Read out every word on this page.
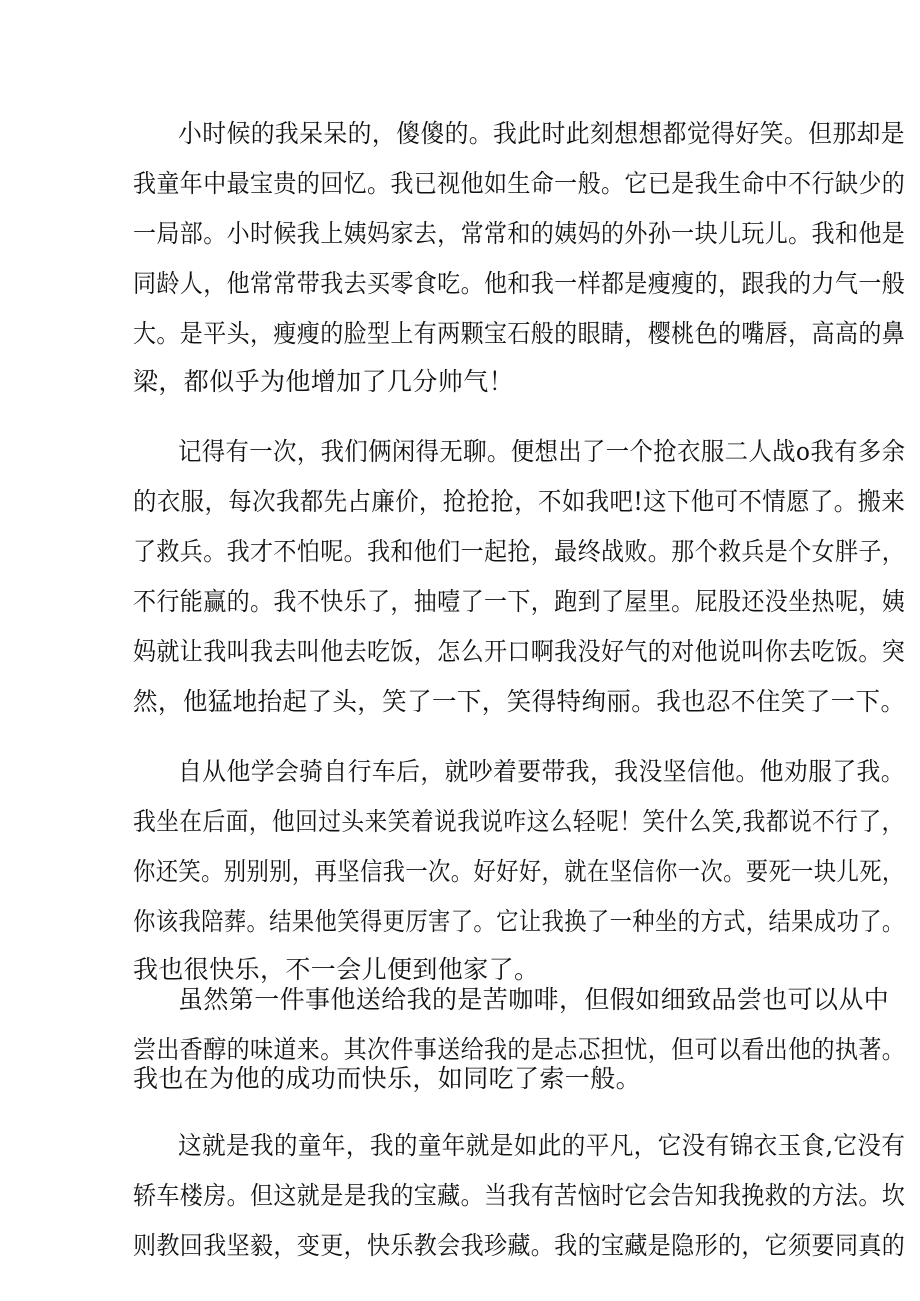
小时候的我呆呆的，傻傻的。我此时此刻想想都觉得好笑。但那却是
我童年中最宝贵的回忆。我已视他如生命一般。它已是我生命中不行缺少的
一局部。小时候我上姨妈家去，常常和的姨妈的外孙一块儿玩儿。我和他是
同龄人，他常常带我去买零食吃。他和我一样都是瘦瘦的，跟我的力气一般
大。是平头，瘦瘦的脸型上有两颗宝石般的眼睛，樱桃色的嘴唇，高高的鼻
梁，都似乎为他增加了几分帅气！
记得有一次，我们俩闲得无聊。便想出了一个抢衣服二人战o我有多余
的衣服，每次我都先占廉价，抢抢抢，不如我吧!这下他可不情愿了。搬来
了救兵。我才不怕呢。我和他们一起抢，最终战败。那个救兵是个女胖子，
不行能赢的。我不快乐了，抽噎了一下，跑到了屋里。屁股还没坐热呢，姨
妈就让我叫我去叫他去吃饭，怎么开口啊我没好气的对他说叫你去吃饭。突
然，他猛地抬起了头，笑了一下，笑得特绚丽。我也忍不住笑了一下。
自从他学会骑自行车后，就吵着要带我，我没坚信他。他劝服了我。
我坐在后面，他回过头来笑着说我说咋这么轻呢！笑什么笑,我都说不行了，
你还笑。别别别，再坚信我一次。好好好，就在坚信你一次。要死一块儿死，
你该我陪葬。结果他笑得更厉害了。它让我换了一种坐的方式，结果成功了。
我也很快乐，不一会儿便到他家了。
虽然第一件事他送给我的是苦咖啡，但假如细致品尝也可以从中
尝出香醇的味道来。其次件事送给我的是忐忑担忧，但可以看出他的执著。
我也在为他的成功而快乐，如同吃了索一般。
这就是我的童年，我的童年就是如此的平凡，它没有锦衣玉食,它没有
轿车楼房。但这就是是我的宝藏。当我有苦恼时它会告知我挽救的方法。坎
则教回我坚毅，变更，快乐教会我珍藏。我的宝藏是隐形的，它须要同真的
